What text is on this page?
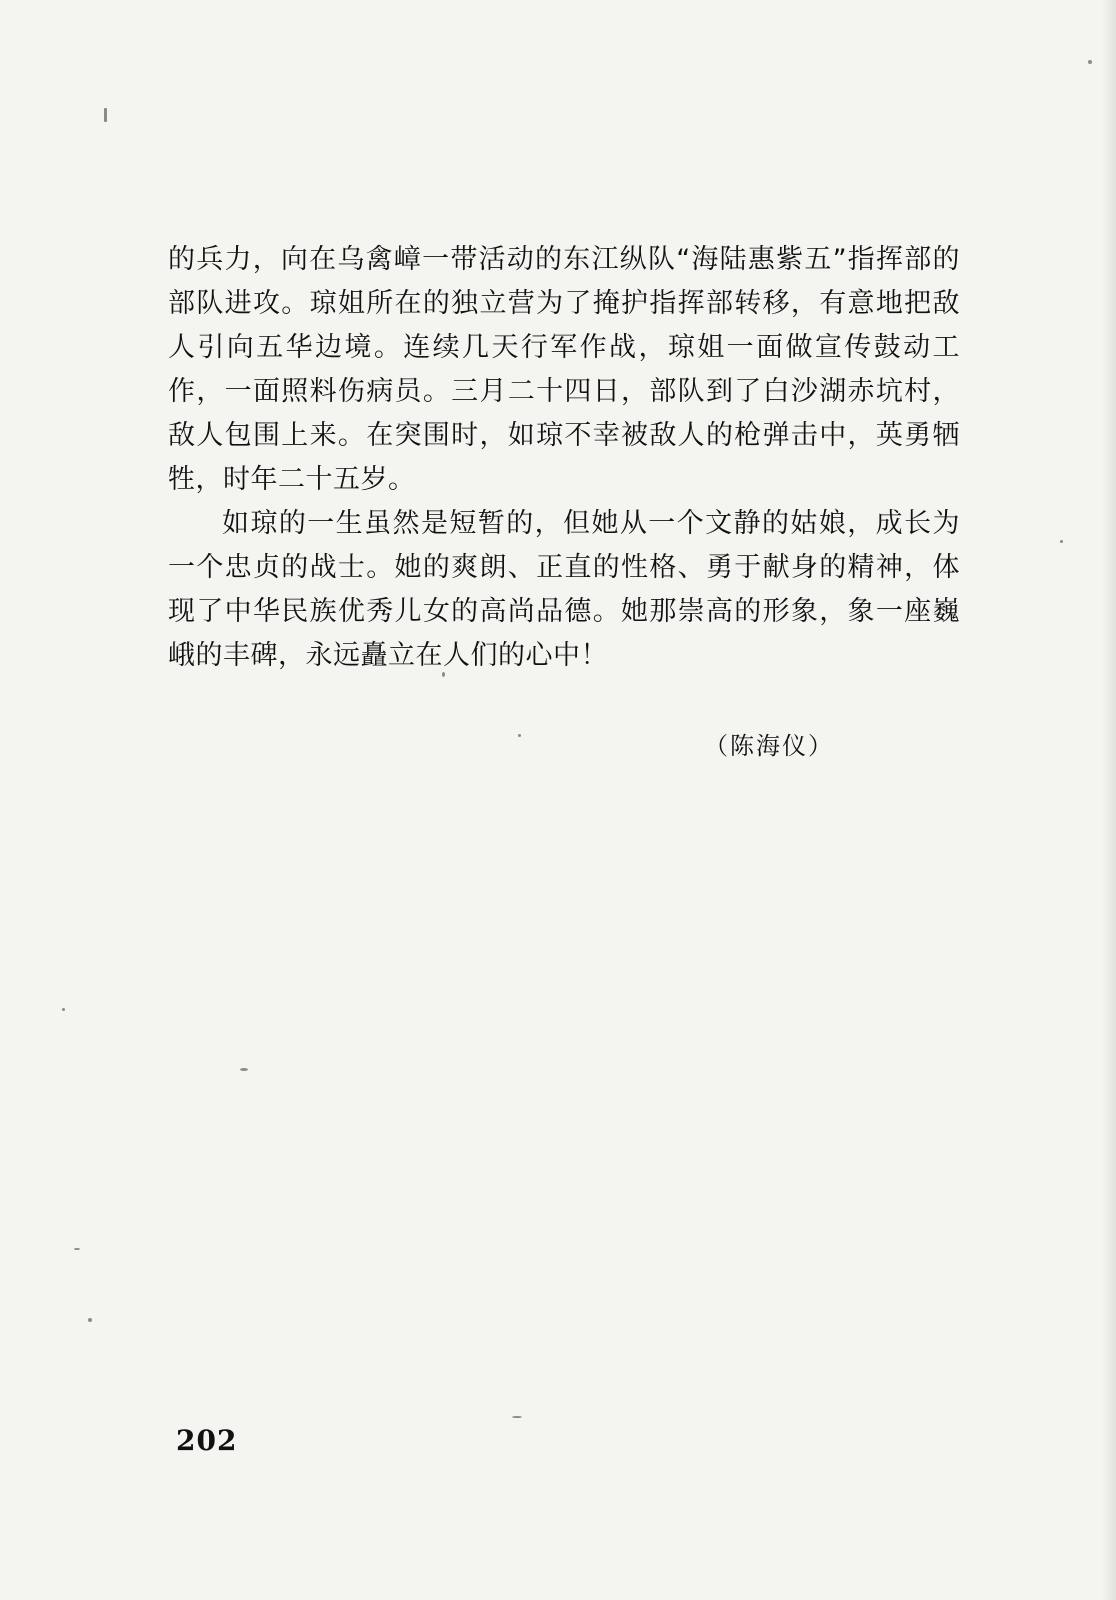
的兵力，向在乌禽嶂一带活动的东江纵队“海陆惠紫五”指挥部的部队进攻。琼姐所在的独立营为了掩护指挥部转移，有意地把敌人引向五华边境。连续几天行军作战，琼姐一面做宣传鼓动工作，一面照料伤病员。三月二十四日，部队到了白沙湖赤坑村，敌人包围上来。在突围时，如琼不幸被敌人的枪弹击中，英勇牺牲，时年二十五岁。

如琼的一生虽然是短暂的，但她从一个文静的姑娘，成长为一个忠贞的战士。她的爽朗、正直的性格、勇于献身的精神，体现了中华民族优秀儿女的高尚品德。她那崇高的形象，象一座巍峨的丰碑，永远矗立在人们的心中！

（陈海仪）
202
